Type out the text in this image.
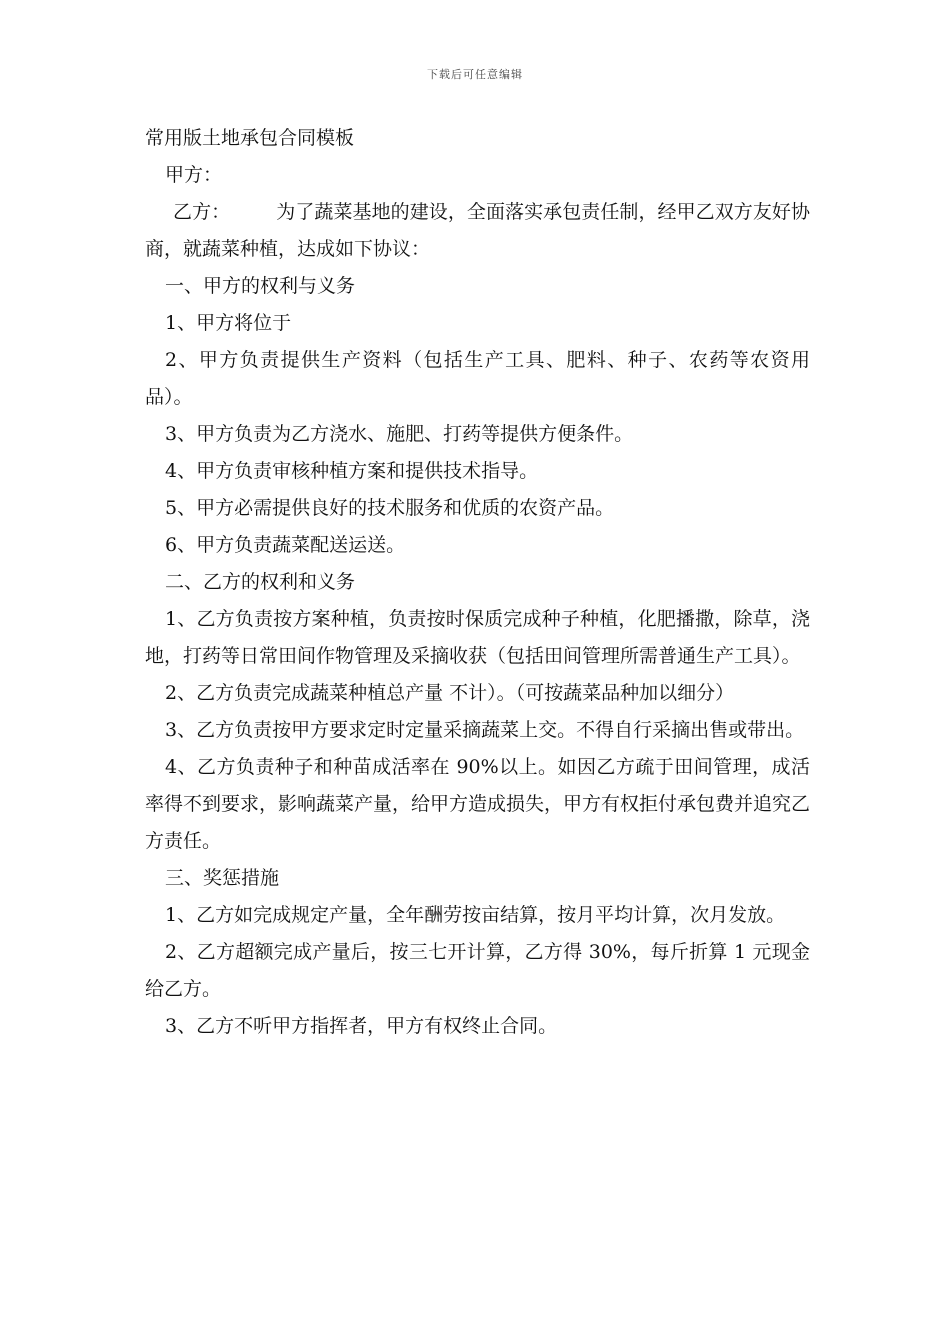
下载后可任意编辑

常用版土地承包合同模板

甲方：

乙方： 为了蔬菜基地的建设，全面落实承包责任制，经甲乙双方友好协商，就蔬菜种植，达成如下协议：

一、甲方的权利与义务

1、甲方将位于

2、甲方负责提供生产资料（包括生产工具、肥料、种子、农药等农资用品）。

3、甲方负责为乙方浇水、施肥、打药等提供方便条件。

4、甲方负责审核种植方案和提供技术指导。

5、甲方必需提供良好的技术服务和优质的农资产品。

6、甲方负责蔬菜配送运送。

二、乙方的权利和义务

1、乙方负责按方案种植，负责按时保质完成种子种植，化肥播撒，除草，浇地，打药等日常田间作物管理及采摘收获（包括田间管理所需普通生产工具）。

2、乙方负责完成蔬菜种植总产量 不计）。（可按蔬菜品种加以细分）

3、乙方负责按甲方要求定时定量采摘蔬菜上交。不得自行采摘出售或带出。

4、乙方负责种子和种苗成活率在 90%以上。如因乙方疏于田间管理，成活率得不到要求，影响蔬菜产量，给甲方造成损失，甲方有权拒付承包费并追究乙方责任。

三、奖惩措施

1、乙方如完成规定产量，全年酬劳按亩结算，按月平均计算，次月发放。

2、乙方超额完成产量后，按三七开计算，乙方得 30%，每斤折算 1 元现金给乙方。

3、乙方不听甲方指挥者，甲方有权终止合同。
